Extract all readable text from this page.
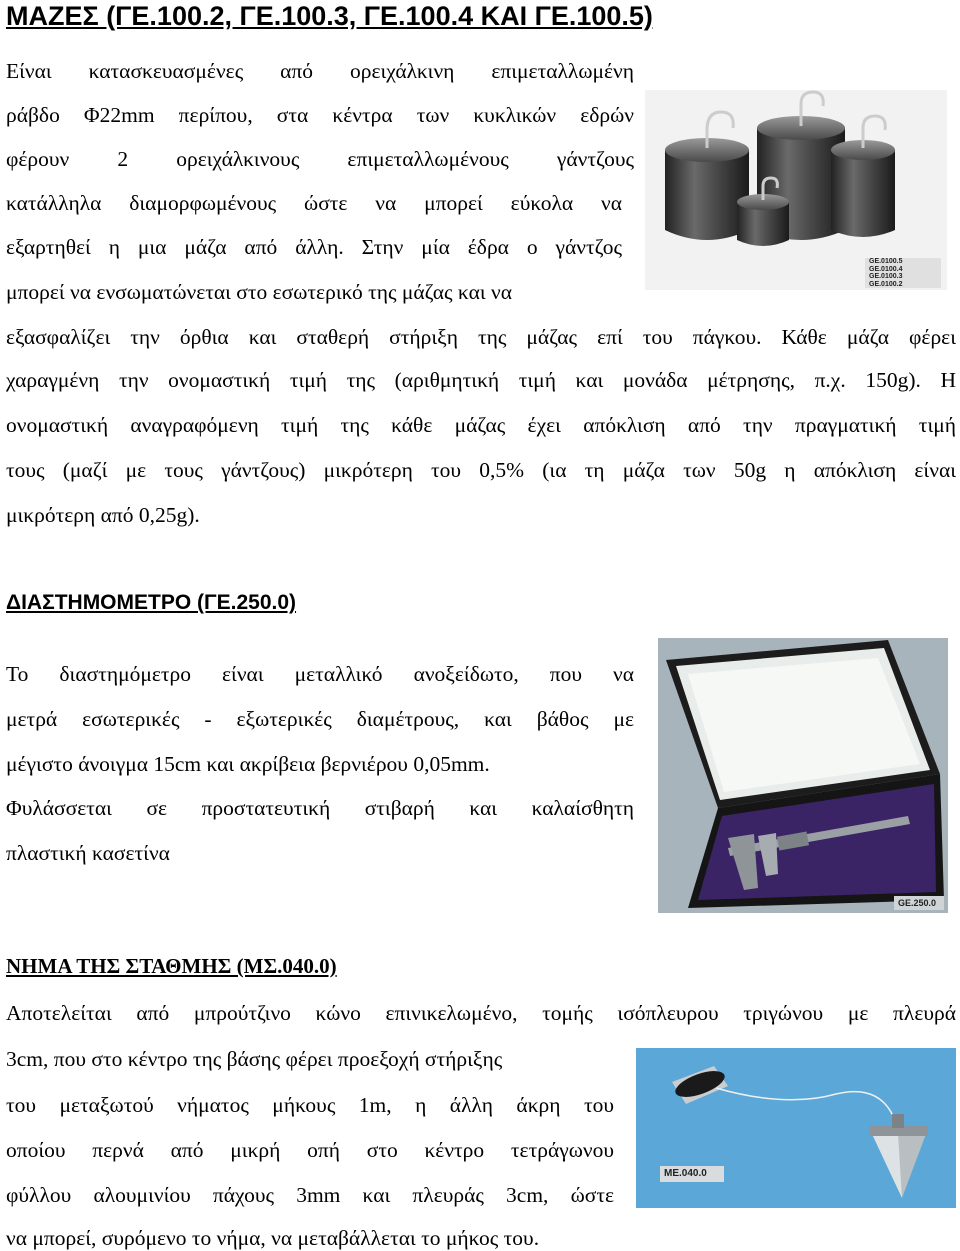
ΜΑΖΕΣ (ΓΕ.100.2, ΓΕ.100.3, ΓΕ.100.4 ΚΑΙ ΓΕ.100.5)
Είναι κατασκευασμένες από ορειχάλκινη επιμεταλλωμένη
ράβδο Φ22mm περίπου, στα κέντρα των κυκλικών εδρών
φέρουν 2 ορειχάλκινους επιμεταλλωμένους γάντζους
κατάλληλα διαμορφωμένους ώστε να μπορεί εύκολα να
εξαρτηθεί η μια μάζα από άλλη. Στην μία έδρα ο γάντζος
μπορεί να ενσωματώνεται στο εσωτερικό της μάζας και να
εξασφαλίζει την όρθια και σταθερή στήριξη της μάζας επί του πάγκου. Κάθε μάζα φέρει
χαραγμένη την ονομαστική τιμή της (αριθμητική τιμή και μονάδα μέτρησης, π.χ. 150g). Η
ονομαστική αναγραφόμενη τιμή της κάθε μάζας έχει απόκλιση από την πραγματική τιμή
τους (μαζί με τους γάντζους) μικρότερη του 0,5% (ια τη μάζα των 50g η απόκλιση είναι
μικρότερη από 0,25g).
GE.0100.5
GE.0100.4
GE.0100.3
GE.0100.2
ΔΙΑΣΤΗΜΟΜΕΤΡΟ (ΓΕ.250.0)
Το διαστημόμετρο είναι μεταλλικό ανοξείδωτο, που να
μετρά εσωτερικές - εξωτερικές διαμέτρους, και βάθος με
μέγιστο άνοιγμα 15cm και ακρίβεια βερνιέρου 0,05mm.
Φυλάσσεται σε προστατευτική στιβαρή και καλαίσθητη
πλαστική κασετίνα
GE.250.0
ΝΗΜΑ ΤΗΣ ΣΤΑΘΜΗΣ (ΜΣ.040.0)
Αποτελείται από μπρούτζινο κώνο επινικελωμένο, τομής ισόπλευρου τριγώνου με πλευρά
3cm, που στο κέντρο της βάσης φέρει προεξοχή στήριξης
του μεταξωτού νήματος μήκους 1m, η άλλη άκρη του
οποίου περνά από μικρή οπή στο κέντρο τετράγωνου
φύλλου αλουμινίου πάχους 3mm και πλευράς 3cm, ώστε
να μπορεί, συρόμενο το νήμα, να μεταβάλλεται το μήκος του.
ME.040.0
